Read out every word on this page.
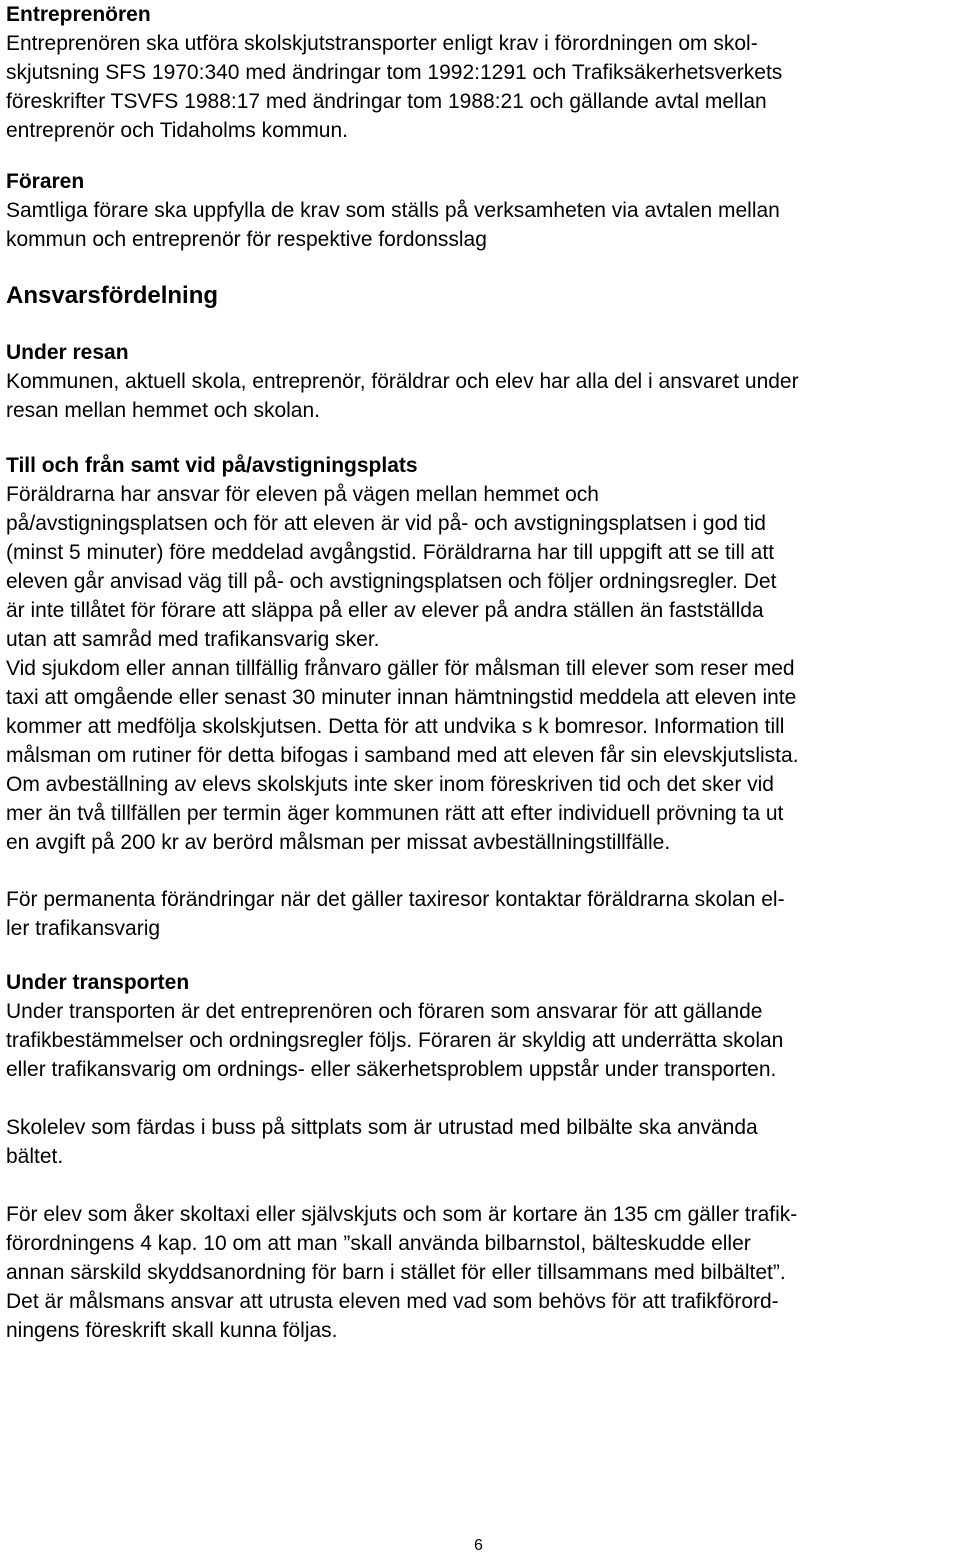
Entreprenören
Entreprenören ska utföra skolskjutstransporter enligt krav i förordningen om skol-
skjutsning SFS 1970:340 med ändringar tom 1992:1291 och Trafiksäkerhetsverkets
föreskrifter TSVFS 1988:17 med ändringar tom 1988:21 och gällande avtal mellan
entreprenör och Tidaholms kommun.
Föraren
Samtliga förare ska uppfylla de krav som ställs på verksamheten via avtalen mellan
kommun och entreprenör för respektive fordonsslag
Ansvarsfördelning
Under resan
Kommunen, aktuell skola, entreprenör, föräldrar och elev har alla del i ansvaret under
resan mellan hemmet och skolan.
Till och från samt vid på/avstigningsplats
Föräldrarna har ansvar för eleven på vägen mellan hemmet och
på/avstigningsplatsen och för att eleven är vid på- och avstigningsplatsen i god tid
(minst 5 minuter) före meddelad avgångstid. Föräldrarna har till uppgift att se till att
eleven går anvisad väg till på- och avstigningsplatsen och följer ordningsregler. Det
är inte tillåtet för förare att släppa på eller av elever på andra ställen än fastställda
utan att samråd med trafikansvarig sker.
Vid sjukdom eller annan tillfällig frånvaro gäller för målsman till elever som reser med
taxi att omgående eller senast 30 minuter innan hämtningstid meddela att eleven inte
kommer att medfölja skolskjutsen. Detta för att undvika s k bomresor. Information till
målsman om rutiner för detta bifogas i samband med att eleven får sin elevskjutslista.
Om avbeställning av elevs skolskjuts inte sker inom föreskriven tid och det sker vid
mer än två tillfällen per termin äger kommunen rätt att efter individuell prövning ta ut
en avgift på 200 kr av berörd målsman per missat avbeställningstillfälle.
För permanenta förändringar när det gäller taxiresor kontaktar föräldrarna skolan el-
ler trafikansvarig
Under transporten
Under transporten är det entreprenören och föraren som ansvarar för att gällande
trafikbestämmelser och ordningsregler följs. Föraren är skyldig att underrätta skolan
eller trafikansvarig om ordnings- eller säkerhetsproblem uppstår under transporten.
Skolelev som färdas i buss på sittplats som är utrustad med bilbälte ska använda
bältet.
För elev som åker skoltaxi eller självskjuts och som är kortare än 135 cm gäller trafik-
förordningens 4 kap. 10 om att man ”skall använda bilbarnstol, bälteskudde eller
annan särskild skyddsanordning för barn i stället för eller tillsammans med bilbältet”.
Det är målsmans ansvar att utrusta eleven med vad som behövs för att trafikförord-
ningens föreskrift skall kunna följas.
6
